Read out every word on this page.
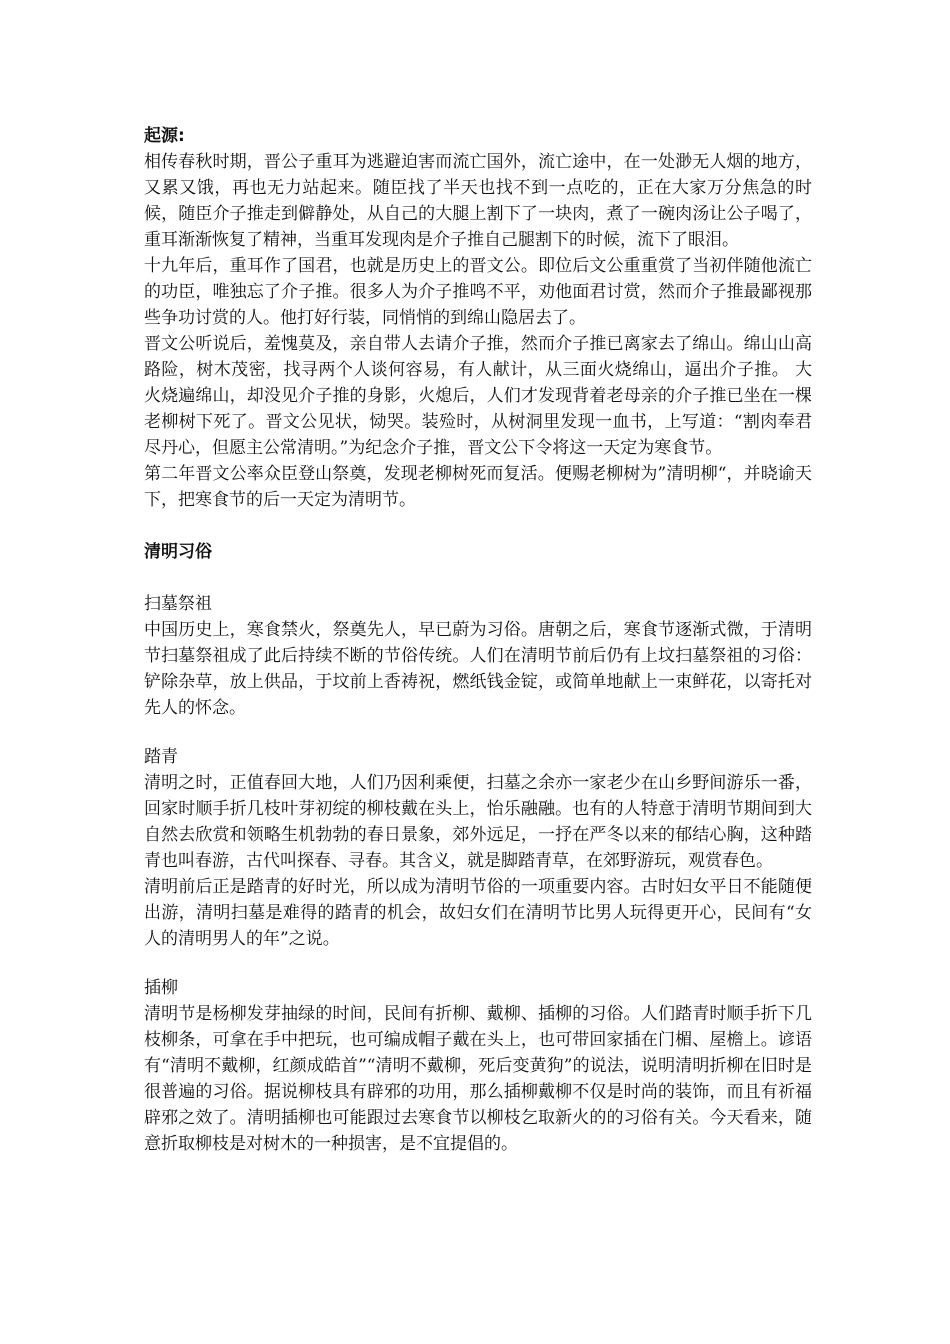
起源:

相传春秋时期，晋公子重耳为逃避迫害而流亡国外，流亡途中，在一处渺无人烟的地方，又累又饿，再也无力站起来。随臣找了半天也找不到一点吃的，正在大家万分焦急的时候，随臣介子推走到僻静处，从自己的大腿上割下了一块肉，煮了一碗肉汤让公子喝了，重耳渐渐恢复了精神，当重耳发现肉是介子推自己腿割下的时候，流下了眼泪。

十九年后，重耳作了国君，也就是历史上的晋文公。即位后文公重重赏了当初伴随他流亡的功臣，唯独忘了介子推。很多人为介子推鸣不平，劝他面君讨赏，然而介子推最鄙视那些争功讨赏的人。他打好行装，同悄悄的到绵山隐居去了。

晋文公听说后，羞愧莫及，亲自带人去请介子推，然而介子推已离家去了绵山。绵山山高路险，树木茂密，找寻两个人谈何容易，有人献计，从三面火烧绵山，逼出介子推。 大火烧遍绵山，却没见介子推的身影，火熄后，人们才发现背着老母亲的介子推已坐在一棵老柳树下死了。晋文公见状，恸哭。装殓时，从树洞里发现一血书，上写道：“割肉奉君尽丹心，但愿主公常清明。”为纪念介子推，晋文公下令将这一天定为寒食节。

第二年晋文公率众臣登山祭奠，发现老柳树死而复活。便赐老柳树为”清明柳“，并晓谕天下，把寒食节的后一天定为清明节。

清明习俗
扫墓祭祖

中国历史上，寒食禁火，祭奠先人，早已蔚为习俗。唐朝之后，寒食节逐渐式微，于清明节扫墓祭祖成了此后持续不断的节俗传统。人们在清明节前后仍有上坟扫墓祭祖的习俗：铲除杂草，放上供品，于坟前上香祷祝，燃纸钱金锭，或简单地献上一束鲜花，以寄托对先人的怀念。

踏青

清明之时，正值春回大地，人们乃因利乘便，扫墓之余亦一家老少在山乡野间游乐一番，回家时顺手折几枝叶芽初绽的柳枝戴在头上，怡乐融融。也有的人特意于清明节期间到大自然去欣赏和领略生机勃勃的春日景象，郊外远足，一抒在严冬以来的郁结心胸，这种踏青也叫春游，古代叫探春、寻春。其含义，就是脚踏青草，在郊野游玩，观赏春色。

清明前后正是踏青的好时光，所以成为清明节俗的一项重要内容。古时妇女平日不能随便出游，清明扫墓是难得的踏青的机会，故妇女们在清明节比男人玩得更开心，民间有“女人的清明男人的年”之说。

插柳

清明节是杨柳发芽抽绿的时间，民间有折柳、戴柳、插柳的习俗。人们踏青时顺手折下几枝柳条，可拿在手中把玩，也可编成帽子戴在头上，也可带回家插在门楣、屋檐上。谚语有“清明不戴柳，红颜成皓首”“清明不戴柳，死后变黄狗”的说法，说明清明折柳在旧时是很普遍的习俗。据说柳枝具有辟邪的功用，那么插柳戴柳不仅是时尚的装饰，而且有祈福辟邪之效了。清明插柳也可能跟过去寒食节以柳枝乞取新火的的习俗有关。今天看来，随意折取柳枝是对树木的一种损害，是不宜提倡的。
